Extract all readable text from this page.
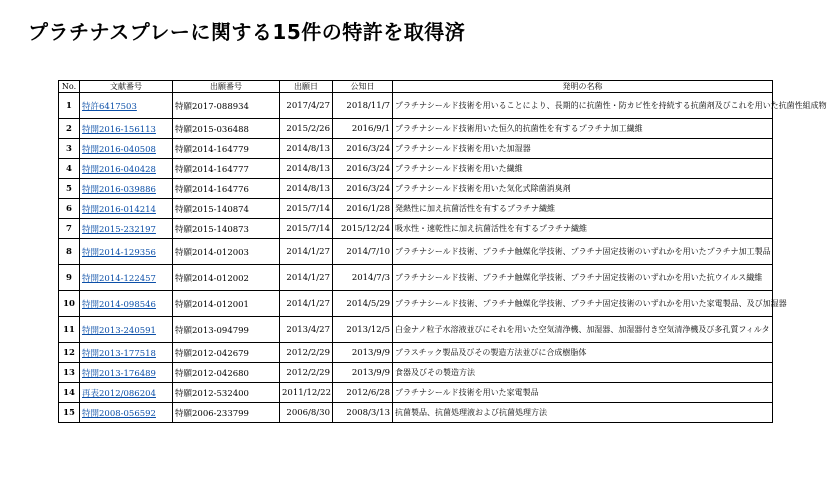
プラチナスプレーに関する15件の特許を取得済
No.	文献番号	出願番号	出願日	公知日	発明の名称
1	特許6417503	特願2017-088934	2017/4/27	2018/11/7	プラチナシールド技術を用いることにより、長期的に抗菌性・防カビ性を持続する抗菌剤及びこれを用いた抗菌性組成物
2	特開2016-156113	特願2015-036488	2015/2/26	2016/9/1	プラチナシールド技術用いた恒久的抗菌性を有するプラチナ加工繊維
3	特開2016-040508	特願2014-164779	2014/8/13	2016/3/24	プラチナシールド技術を用いた加湿器
4	特開2016-040428	特願2014-164777	2014/8/13	2016/3/24	プラチナシールド技術を用いた繊維
5	特開2016-039886	特願2014-164776	2014/8/13	2016/3/24	プラチナシールド技術を用いた気化式除菌消臭剤
6	特開2016-014214	特願2015-140874	2015/7/14	2016/1/28	発熱性に加え抗菌活性を有するプラチナ繊維
7	特開2015-232197	特願2015-140873	2015/7/14	2015/12/24	吸水性・速乾性に加え抗菌活性を有するプラチナ繊維
8	特開2014-129356	特願2014-012003	2014/1/27	2014/7/10	プラチナシールド技術、プラチナ触媒化学技術、プラチナ固定技術のいずれかを用いたプラチナ加工製品
9	特開2014-122457	特願2014-012002	2014/1/27	2014/7/3	プラチナシールド技術、プラチナ触媒化学技術、プラチナ固定技術のいずれかを用いた抗ウイルス繊維
10	特開2014-098546	特願2014-012001	2014/1/27	2014/5/29	プラチナシールド技術、プラチナ触媒化学技術、プラチナ固定技術のいずれかを用いた家電製品、及び加湿器
11	特開2013-240591	特願2013-094799	2013/4/27	2013/12/5	白金ナノ粒子水溶液並びにそれを用いた空気清浄機、加湿器、加湿器付き空気清浄機及び多孔質フィルタ
12	特開2013-177518	特願2012-042679	2012/2/29	2013/9/9	プラスチック製品及びその製造方法並びに合成樹脂体
13	特開2013-176489	特願2012-042680	2012/2/29	2013/9/9	食器及びその製造方法
14	再表2012/086204	特願2012-532400	2011/12/22	2012/6/28	プラチナシールド技術を用いた家電製品
15	特開2008-056592	特願2006-233799	2006/8/30	2008/3/13	抗菌製品、抗菌処理液および抗菌処理方法
